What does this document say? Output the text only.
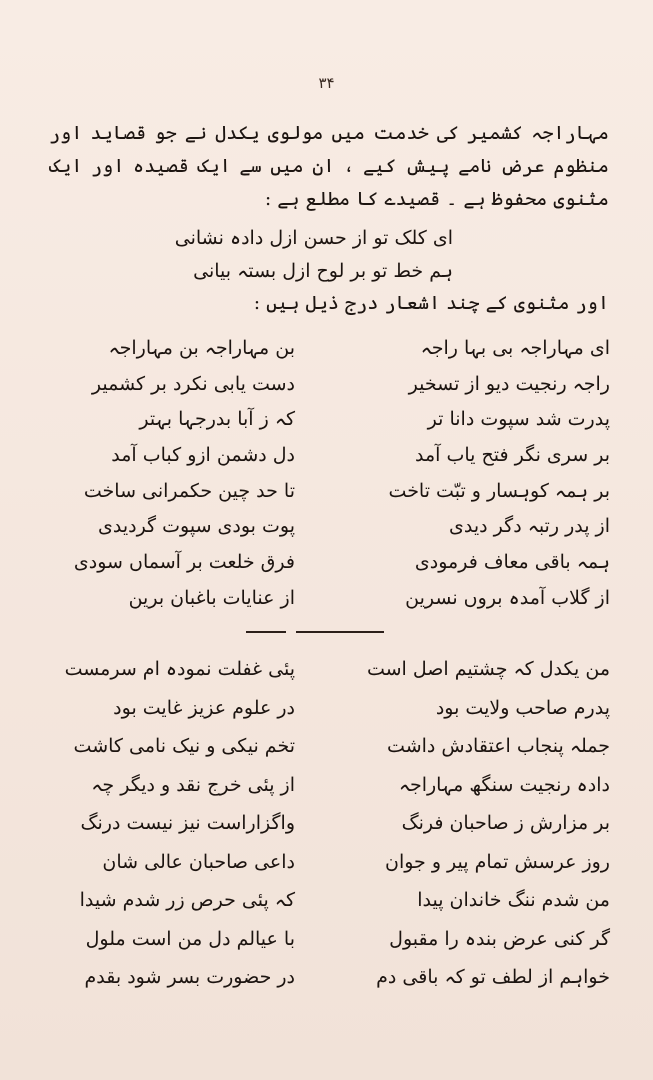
۳۴

مہاراجہ کشمیر کی خدمت میں مولوی یکدل نے جو قصاید اور منظوم عرض نامے پیش کیے ، ان میں سے ایک قصیدہ اور ایک مثنوی محفوظ ہے ۔ قصیدے کا مطلع ہے :

ای کلک تو از حسن ازل دادہ نشانی

ہم خط تو بر لوح ازل بستہ بیانی

اور مثنوی کے چند اشعار درج ذیل ہیں :

ای مہاراجہ بی بہا راجہ
بن مہاراجہ بن مہاراجہ
راجہ رنجیت دیو از تسخیر
دست یابی نکرد بر کشمیر
پدرت شد سپوت دانا تر
کہ ز آبا بدرجہا بہتر
بر سری نگر فتح یاب آمد
دل دشمن ازو کباب آمد
بر ہمہ کوہسار و تبّت تاخت
تا حد چین حکمرانی ساخت
از پدر رتبہ دگر دیدی
پوت بودی سپوت گردیدی
ہمہ باقی معاف فرمودی
فرق خلعت بر آسماں سودی
از گلاب آمدہ بروں نسرین
از عنایات باغبان برین
من یکدل کہ چشتیم اصل است
پئی غفلت نمودہ ام سرمست
پدرم صاحب ولایت بود
در علوم عزیز غایت بود
جملہ پنجاب اعتقادش داشت
تخم نیکی و نیک نامی کاشت
دادہ رنجیت سنگھ مہاراجہ
از پئی خرج نقد و دیگر چہ
بر مزارش ز صاحبان فرنگ
واگزاراست نیز نیست درنگ
روز عرسش تمام پیر و جوان
داعی صاحبان عالی شان
من شدم ننگ خاندان پیدا
کہ پئی حرص زر شدم شیدا
گر کنی عرض بندہ را مقبول
با عیالم دل من است ملول
خواہم از لطف تو کہ باقی دم
در حضورت بسر شود بقدم
